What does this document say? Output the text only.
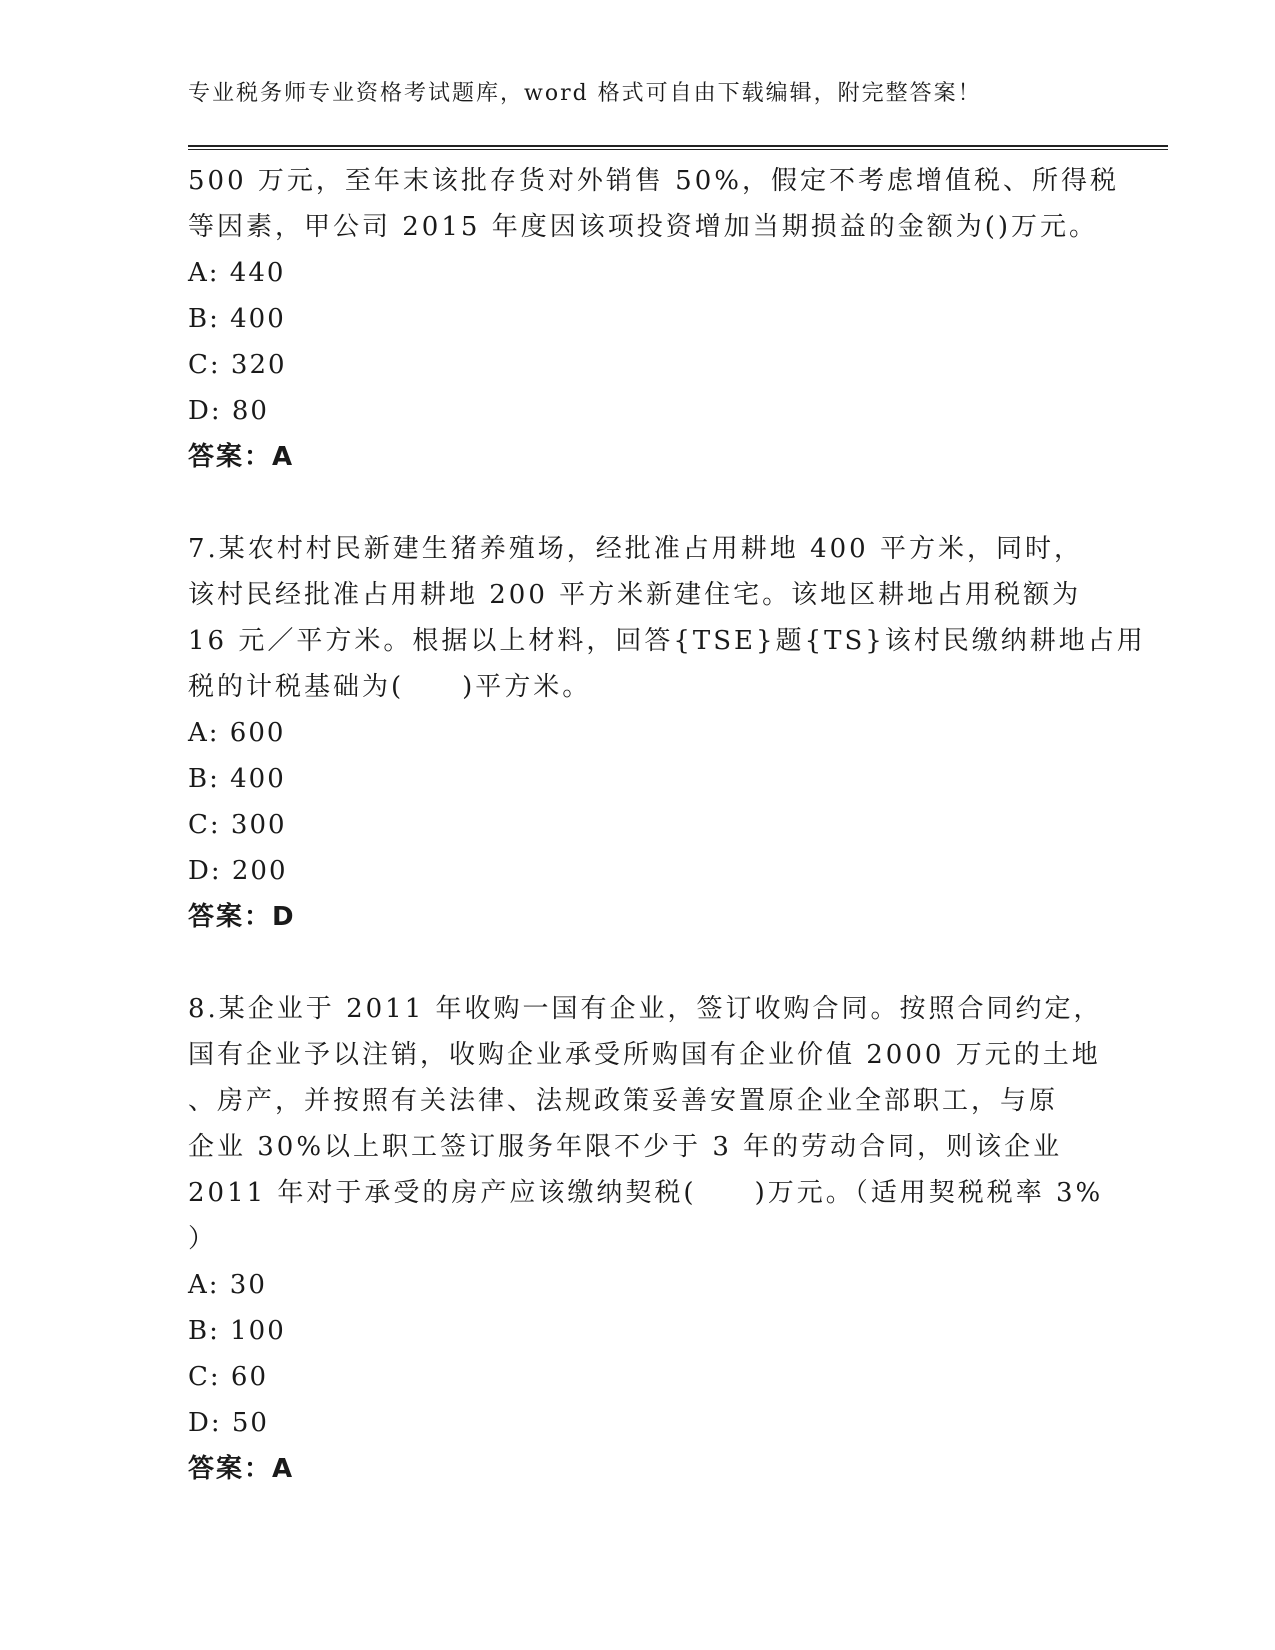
专业税务师专业资格考试题库，word 格式可自由下载编辑，附完整答案！
500 万元，至年末该批存货对外销售 50%，假定不考虑增值税、所得税
等因素，甲公司 2015 年度因该项投资增加当期损益的金额为()万元。
A: 440
B: 400
C: 320
D: 80
答案：A
7.某农村村民新建生猪养殖场，经批准占用耕地 400 平方米，同时，
该村民经批准占用耕地 200 平方米新建住宅。该地区耕地占用税额为
16 元／平方米。根据以上材料，回答{TSE}题{TS}该村民缴纳耕地占用
税的计税基础为(　　)平方米。
A: 600
B: 400
C: 300
D: 200
答案：D
8.某企业于 2011 年收购一国有企业，签订收购合同。按照合同约定，
国有企业予以注销，收购企业承受所购国有企业价值 2000 万元的土地
、房产，并按照有关法律、法规政策妥善安置原企业全部职工，与原
企业 30%以上职工签订服务年限不少于 3 年的劳动合同，则该企业
2011 年对于承受的房产应该缴纳契税(　　)万元。（适用契税税率 3%
）
A: 30
B: 100
C: 60
D: 50
答案：A
